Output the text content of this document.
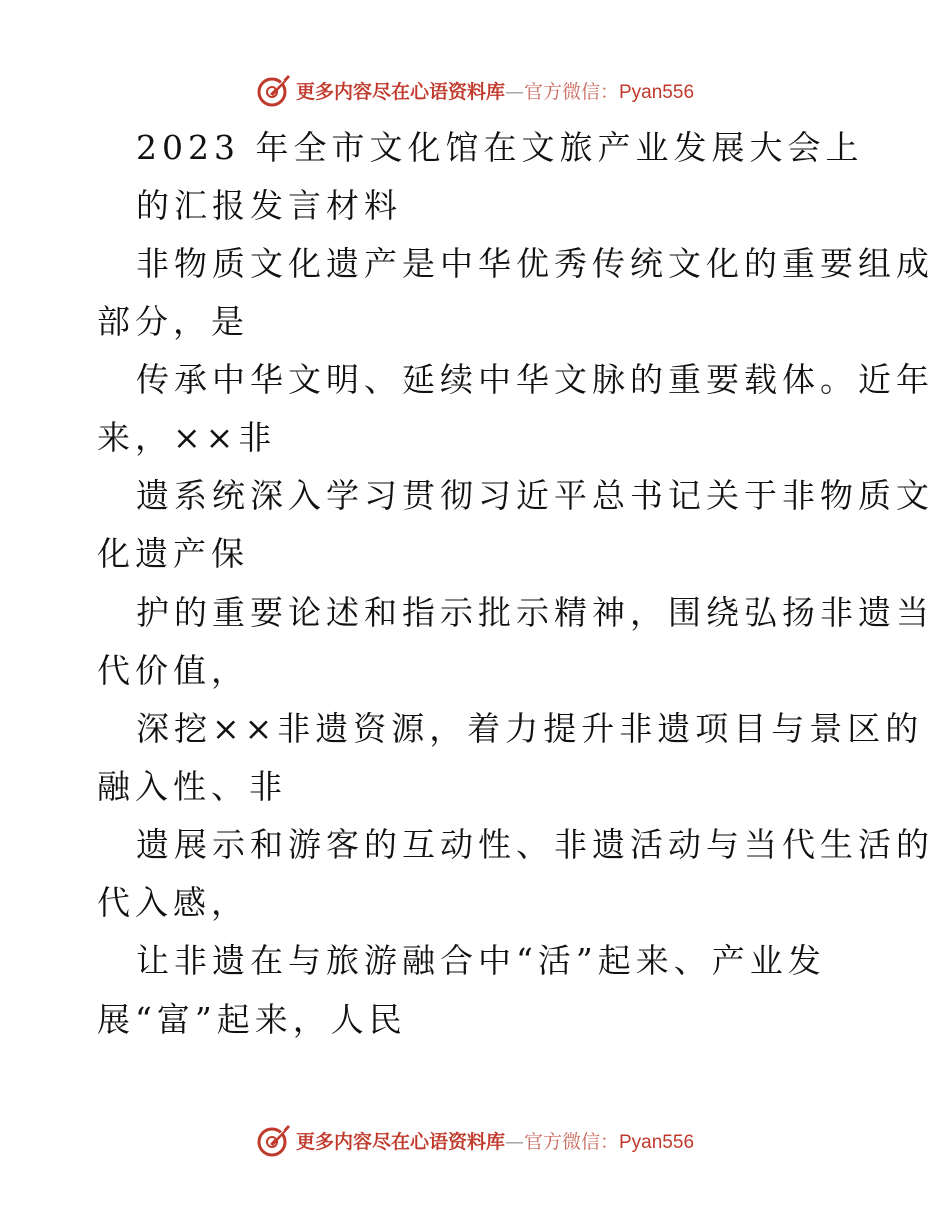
更多内容尽在心语资料库—官方微信：Pyan556
2023 年全市文化馆在文旅产业发展大会上
的汇报发言材料
非物质文化遗产是中华优秀传统文化的重要组成
部分，是
传承中华文明、延续中华文脉的重要载体。近年
来，××非
遗系统深入学习贯彻习近平总书记关于非物质文
化遗产保
护的重要论述和指示批示精神，围绕弘扬非遗当
代价值，
深挖××非遗资源，着力提升非遗项目与景区的
融入性、非
遗展示和游客的互动性、非遗活动与当代生活的
代入感，
让非遗在与旅游融合中“活”起来、产业发
展“富”起来，人民
更多内容尽在心语资料库—官方微信：Pyan556
